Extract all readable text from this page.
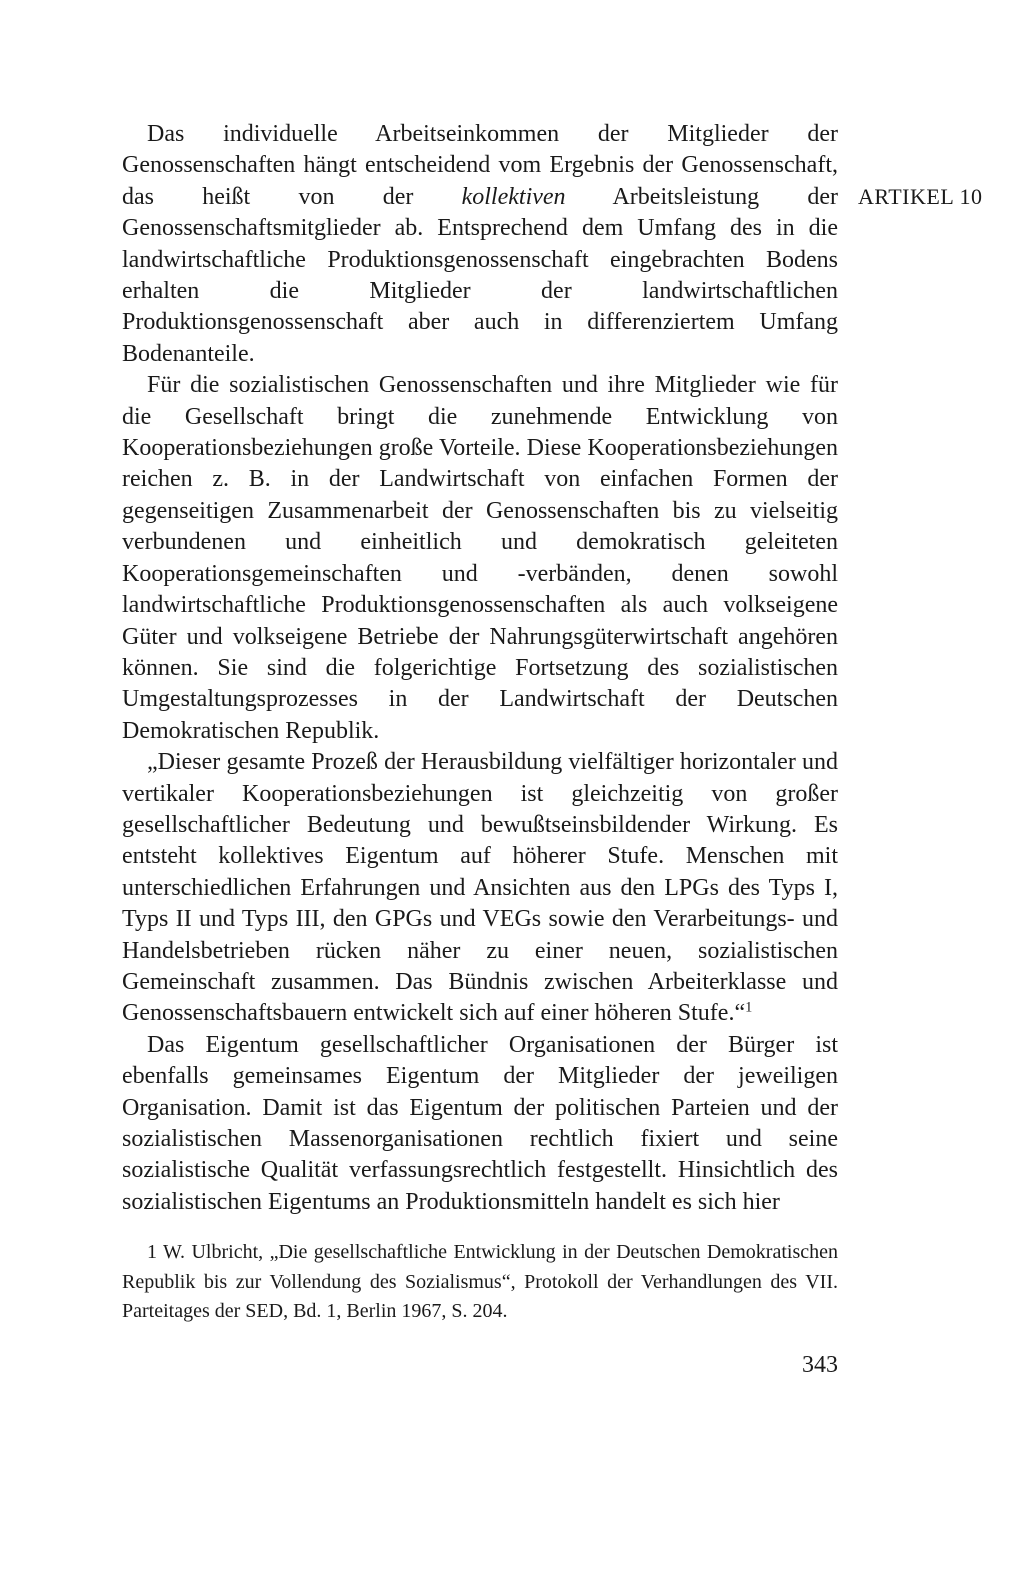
Das individuelle Arbeitseinkommen der Mitglieder der Genossenschaften hängt entscheidend vom Ergebnis der Genossenschaft, das heißt von der kollektiven Arbeitsleistung der Genossenschaftsmitglieder ab. Entsprechend dem Umfang des in die landwirtschaftliche Produktionsgenossenschaft eingebrachten Bodens erhalten die Mitglieder der landwirtschaftlichen Produktionsgenossenschaft aber auch in differenziertem Umfang Bodenanteile.

Für die sozialistischen Genossenschaften und ihre Mitglieder wie für die Gesellschaft bringt die zunehmende Entwicklung von Kooperationsbeziehungen große Vorteile. Diese Kooperationsbeziehungen reichen z. B. in der Landwirtschaft von einfachen Formen der gegenseitigen Zusammenarbeit der Genossenschaften bis zu vielseitig verbundenen und einheitlich und demokratisch geleiteten Kooperationsgemeinschaften und -verbänden, denen sowohl landwirtschaftliche Produktionsgenossenschaften als auch volkseigene Güter und volkseigene Betriebe der Nahrungsgüterwirtschaft angehören können. Sie sind die folgerichtige Fortsetzung des sozialistischen Umgestaltungsprozesses in der Landwirtschaft der Deutschen Demokratischen Republik.

„Dieser gesamte Prozeß der Herausbildung vielfältiger horizontaler und vertikaler Kooperationsbeziehungen ist gleichzeitig von großer gesellschaftlicher Bedeutung und bewußtseinsbildender Wirkung. Es entsteht kollektives Eigentum auf höherer Stufe. Menschen mit unterschiedlichen Erfahrungen und Ansichten aus den LPGs des Typs I, Typs II und Typs III, den GPGs und VEGs sowie den Verarbeitungs- und Handelsbetrieben rücken näher zu einer neuen, sozialistischen Gemeinschaft zusammen. Das Bündnis zwischen Arbeiterklasse und Genossenschaftsbauern entwickelt sich auf einer höheren Stufe.“$^1$

Das Eigentum gesellschaftlicher Organisationen der Bürger ist ebenfalls gemeinsames Eigentum der Mitglieder der jeweiligen Organisation. Damit ist das Eigentum der politischen Parteien und der sozialistischen Massenorganisationen rechtlich fixiert und seine sozialistische Qualität verfassungsrechtlich festgestellt. Hinsichtlich des sozialistischen Eigentums an Produktionsmitteln handelt es sich hier

ARTIKEL 10
1 W. Ulbricht, „Die gesellschaftliche Entwicklung in der Deutschen Demokratischen Republik bis zur Vollendung des Sozialismus“, Protokoll der Verhandlungen des VII. Parteitages der SED, Bd. 1, Berlin 1967, S. 204.
343
